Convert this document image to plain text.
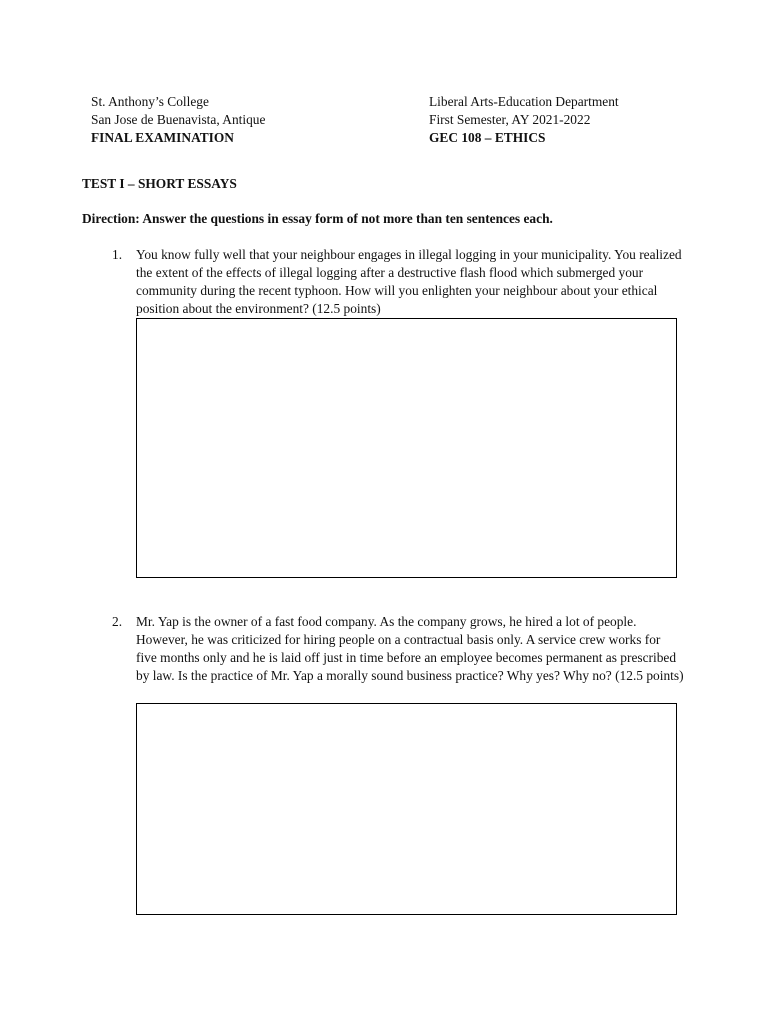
St. Anthony’s College
San Jose de Buenavista, Antique
FINAL EXAMINATION
Liberal Arts-Education Department
First Semester, AY 2021-2022
GEC 108 – ETHICS
TEST I – SHORT ESSAYS
Direction: Answer the questions in essay form of not more than ten sentences each.
1.	You know fully well that your neighbour engages in illegal logging in your municipality. You realized the extent of the effects of illegal logging after a destructive flash flood which submerged your community during the recent typhoon. How will you enlighten your neighbour about your ethical position about the environment? (12.5 points)
2.	Mr. Yap is the owner of a fast food company. As the company grows, he hired a lot of people. However, he was criticized for hiring people on a contractual basis only. A service crew works for five months only and he is laid off just in time before an employee becomes permanent as prescribed by law. Is the practice of Mr. Yap a morally sound business practice? Why yes? Why no? (12.5 points)
